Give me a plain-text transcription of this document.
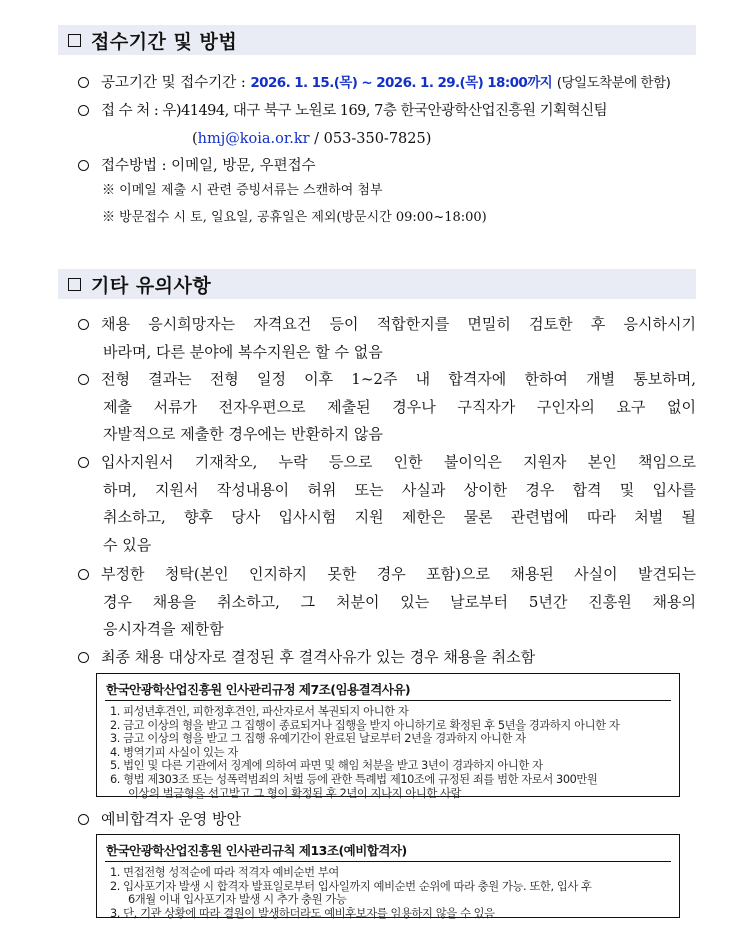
접수기간 및 방법
공고기간 및 접수기간 : 2026. 1. 15.(목) ~ 2026. 1. 29.(목) 18:00까지 (당일도착분에 한함)
접 수 처 : 우)41494, 대구 북구 노원로 169, 7층 한국안광학산업진흥원 기획혁신팀
(hmj@koia.or.kr / 053-350-7825)
접수방법 : 이메일, 방문, 우편접수
※ 이메일 제출 시 관련 증빙서류는 스캔하여 첨부
※ 방문접수 시 토, 일요일, 공휴일은 제외(방문시간 09:00~18:00)
기타 유의사항
채용 응시희망자는 자격요건 등이 적합한지를 면밀히 검토한 후 응시하시기
바라며, 다른 분야에 복수지원은 할 수 없음
전형 결과는 전형 일정 이후 1~2주 내 합격자에 한하여 개별 통보하며,
제출 서류가 전자우편으로 제출된 경우나 구직자가 구인자의 요구 없이
자발적으로 제출한 경우에는 반환하지 않음
입사지원서 기재착오, 누락 등으로 인한 불이익은 지원자 본인 책임으로
하며, 지원서 작성내용이 허위 또는 사실과 상이한 경우 합격 및 입사를
취소하고, 향후 당사 입사시험 지원 제한은 물론 관련법에 따라 처벌 될
수 있음
부정한 청탁(본인 인지하지 못한 경우 포함)으로 채용된 사실이 발견되는
경우 채용을 취소하고, 그 처분이 있는 날로부터 5년간 진흥원 채용의
응시자격을 제한함
최종 채용 대상자로 결정된 후 결격사유가 있는 경우 채용을 취소함
한국안광학산업진흥원 인사관리규정 제7조(임용결격사유)
1. 피성년후견인, 피한정후견인, 파산자로서 복권되지 아니한 자
2. 금고 이상의 형을 받고 그 집행이 종료되거나 집행을 받지 아니하기로 확정된 후 5년을 경과하지 아니한 자
3. 금고 이상의 형을 받고 그 집행 유예기간이 완료된 날로부터 2년을 경과하지 아니한 자
4. 병역기피 사실이 있는 자
5. 법인 및 다른 기관에서 징계에 의하여 파면 및 해임 처분을 받고 3년이 경과하지 아니한 자
6. 형법 제303조 또는 성폭력범죄의 처벌 등에 관한 특례법 제10조에 규정된 죄를 범한 자로서 300만원
이상의 벌금형을 선고받고 그 형이 확정된 후 2년이 지나지 아니한 사람
예비합격자 운영 방안
한국안광학산업진흥원 인사관리규칙 제13조(예비합격자)
1. 면접전형 성적순에 따라 적격자 예비순번 부여
2. 입사포기자 발생 시 합격자 발표일로부터 입사일까지 예비순번 순위에 따라 충원 가능. 또한, 입사 후
6개월 이내 입사포기자 발생 시 추가 충원 가능
3. 단, 기관 상황에 따라 결원이 발생하더라도 예비후보자를 임용하지 않을 수 있음
